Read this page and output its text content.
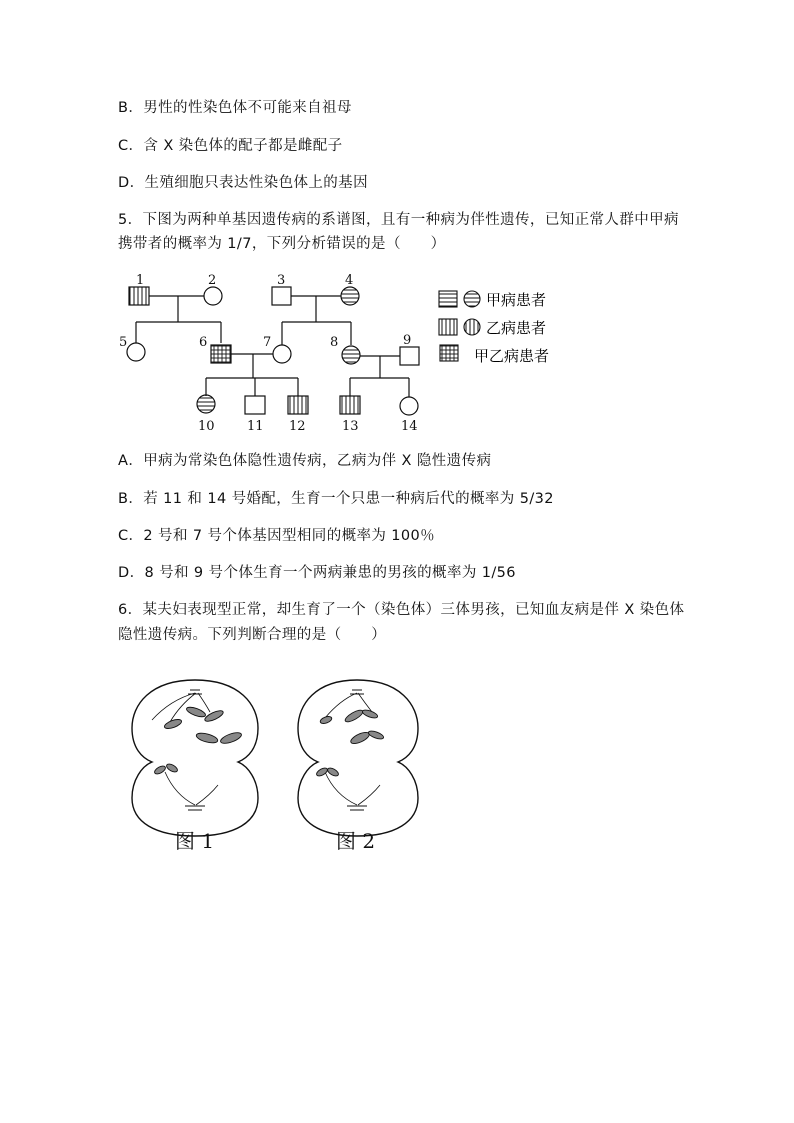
B．男性的性染色体不可能来自祖母
C．含 X 染色体的配子都是雌配子
D．生殖细胞只表达性染色体上的基因
5．下图为两种单基因遗传病的系谱图，且有一种病为伴性遗传，已知正常人群中甲病
携带者的概率为 1/7，下列分析错误的是（　　）
1	2	3	4
5	6	7	8	9
10 11 12	13	14
甲病患者
乙病患者
甲乙病患者
A．甲病为常染色体隐性遗传病，乙病为伴 X 隐性遗传病
B．若 11 和 14 号婚配，生育一个只患一种病后代的概率为 5/32
C．2 号和 7 号个体基因型相同的概率为 100％
D．8 号和 9 号个体生育一个两病兼患的男孩的概率为 1/56
6．某夫妇表现型正常，却生育了一个（染色体）三体男孩，已知血友病是伴 X 染色体
隐性遗传病。下列判断合理的是（　　）
图 1	图 2
